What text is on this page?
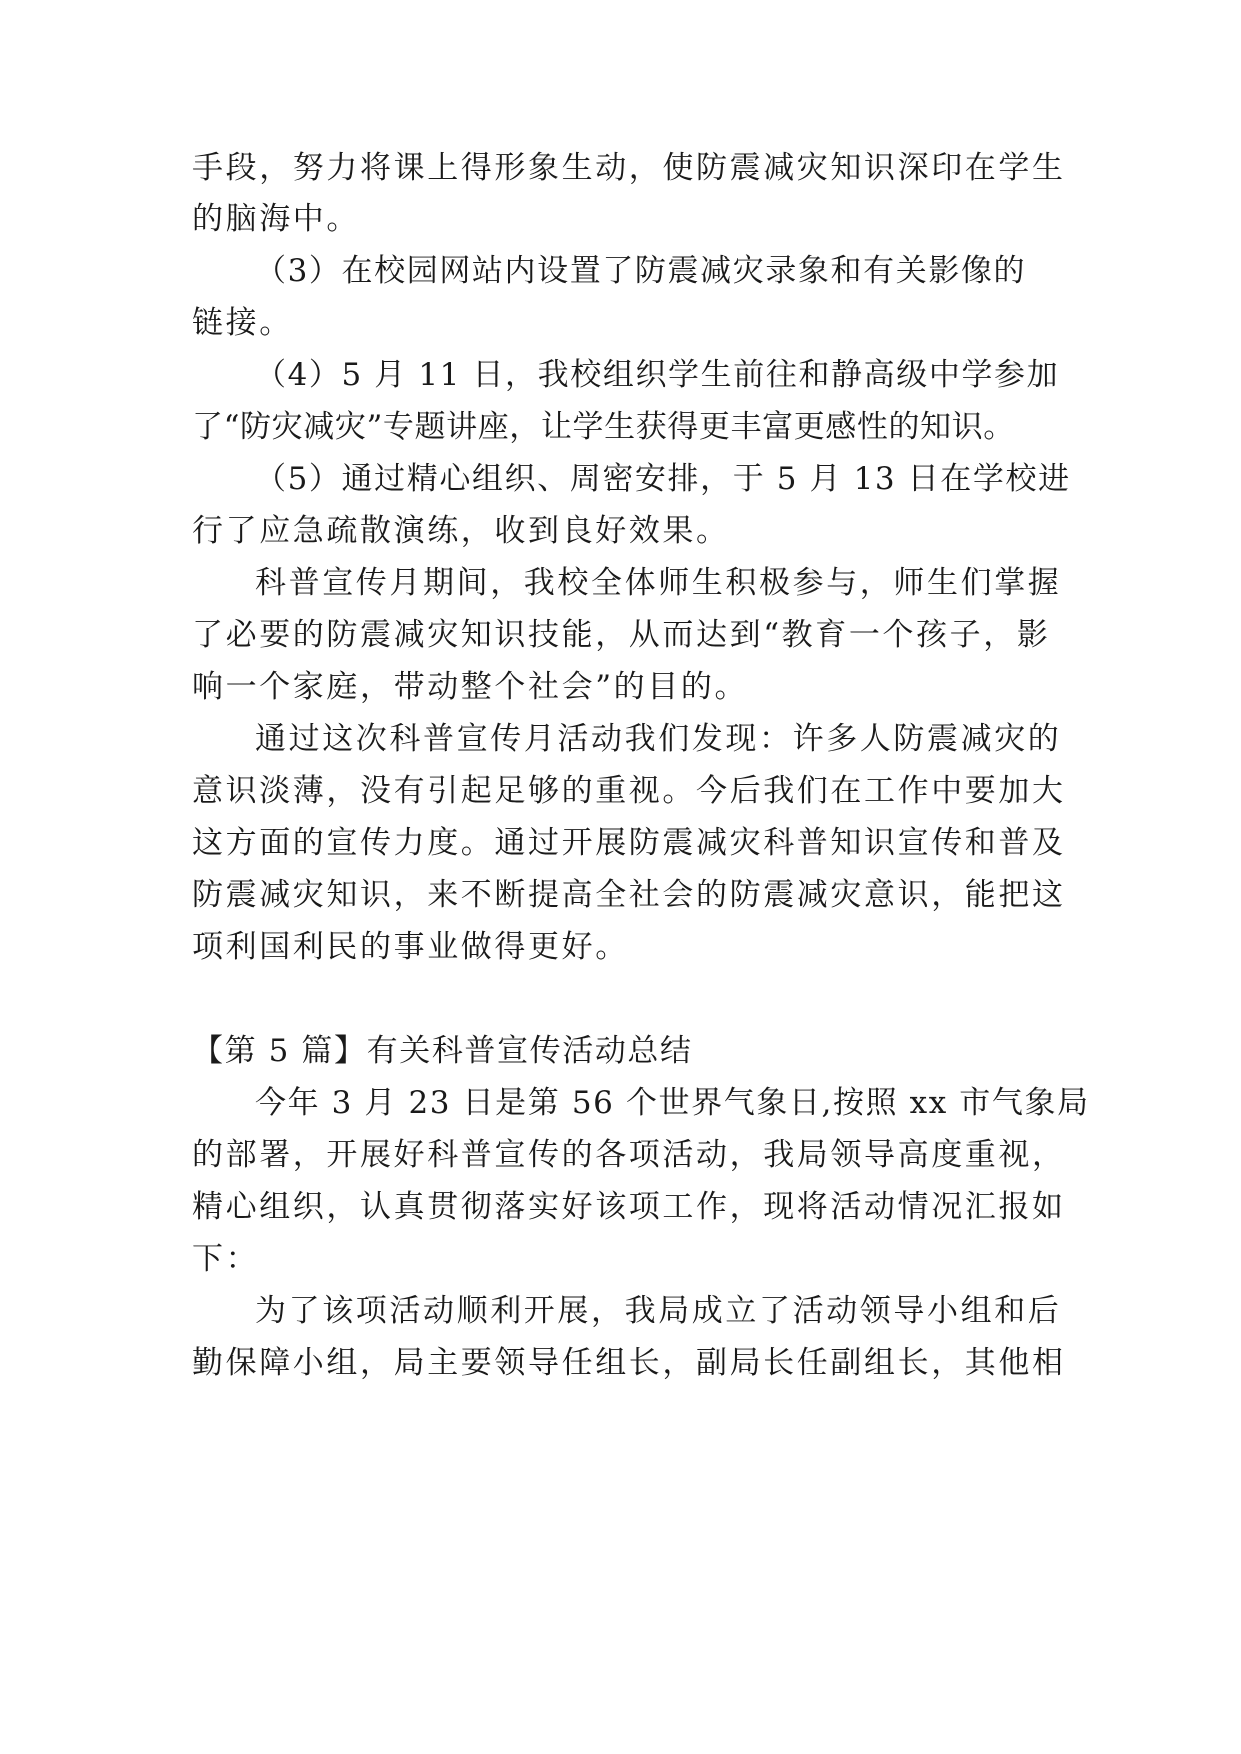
手段，努力将课上得形象生动，使防震减灾知识深印在学生
的脑海中。
（3）在校园网站内设置了防震减灾录象和有关影像的
链接。
（4）5 月 11 日，我校组织学生前往和静高级中学参加
了“防灾减灾”专题讲座，让学生获得更丰富更感性的知识。
（5）通过精心组织、周密安排，于 5 月 13 日在学校进
行了应急疏散演练，收到良好效果。
科普宣传月期间，我校全体师生积极参与，师生们掌握
了必要的防震减灾知识技能，从而达到“教育一个孩子，影
响一个家庭，带动整个社会”的目的。
通过这次科普宣传月活动我们发现：许多人防震减灾的
意识淡薄，没有引起足够的重视。今后我们在工作中要加大
这方面的宣传力度。通过开展防震减灾科普知识宣传和普及
防震减灾知识，来不断提高全社会的防震减灾意识，能把这
项利国利民的事业做得更好。
【第 5 篇】有关科普宣传活动总结
今年 3 月 23 日是第 56 个世界气象日,按照 xx 市气象局
的部署，开展好科普宣传的各项活动，我局领导高度重视，
精心组织，认真贯彻落实好该项工作，现将活动情况汇报如
下：
为了该项活动顺利开展，我局成立了活动领导小组和后
勤保障小组，局主要领导任组长，副局长任副组长，其他相
